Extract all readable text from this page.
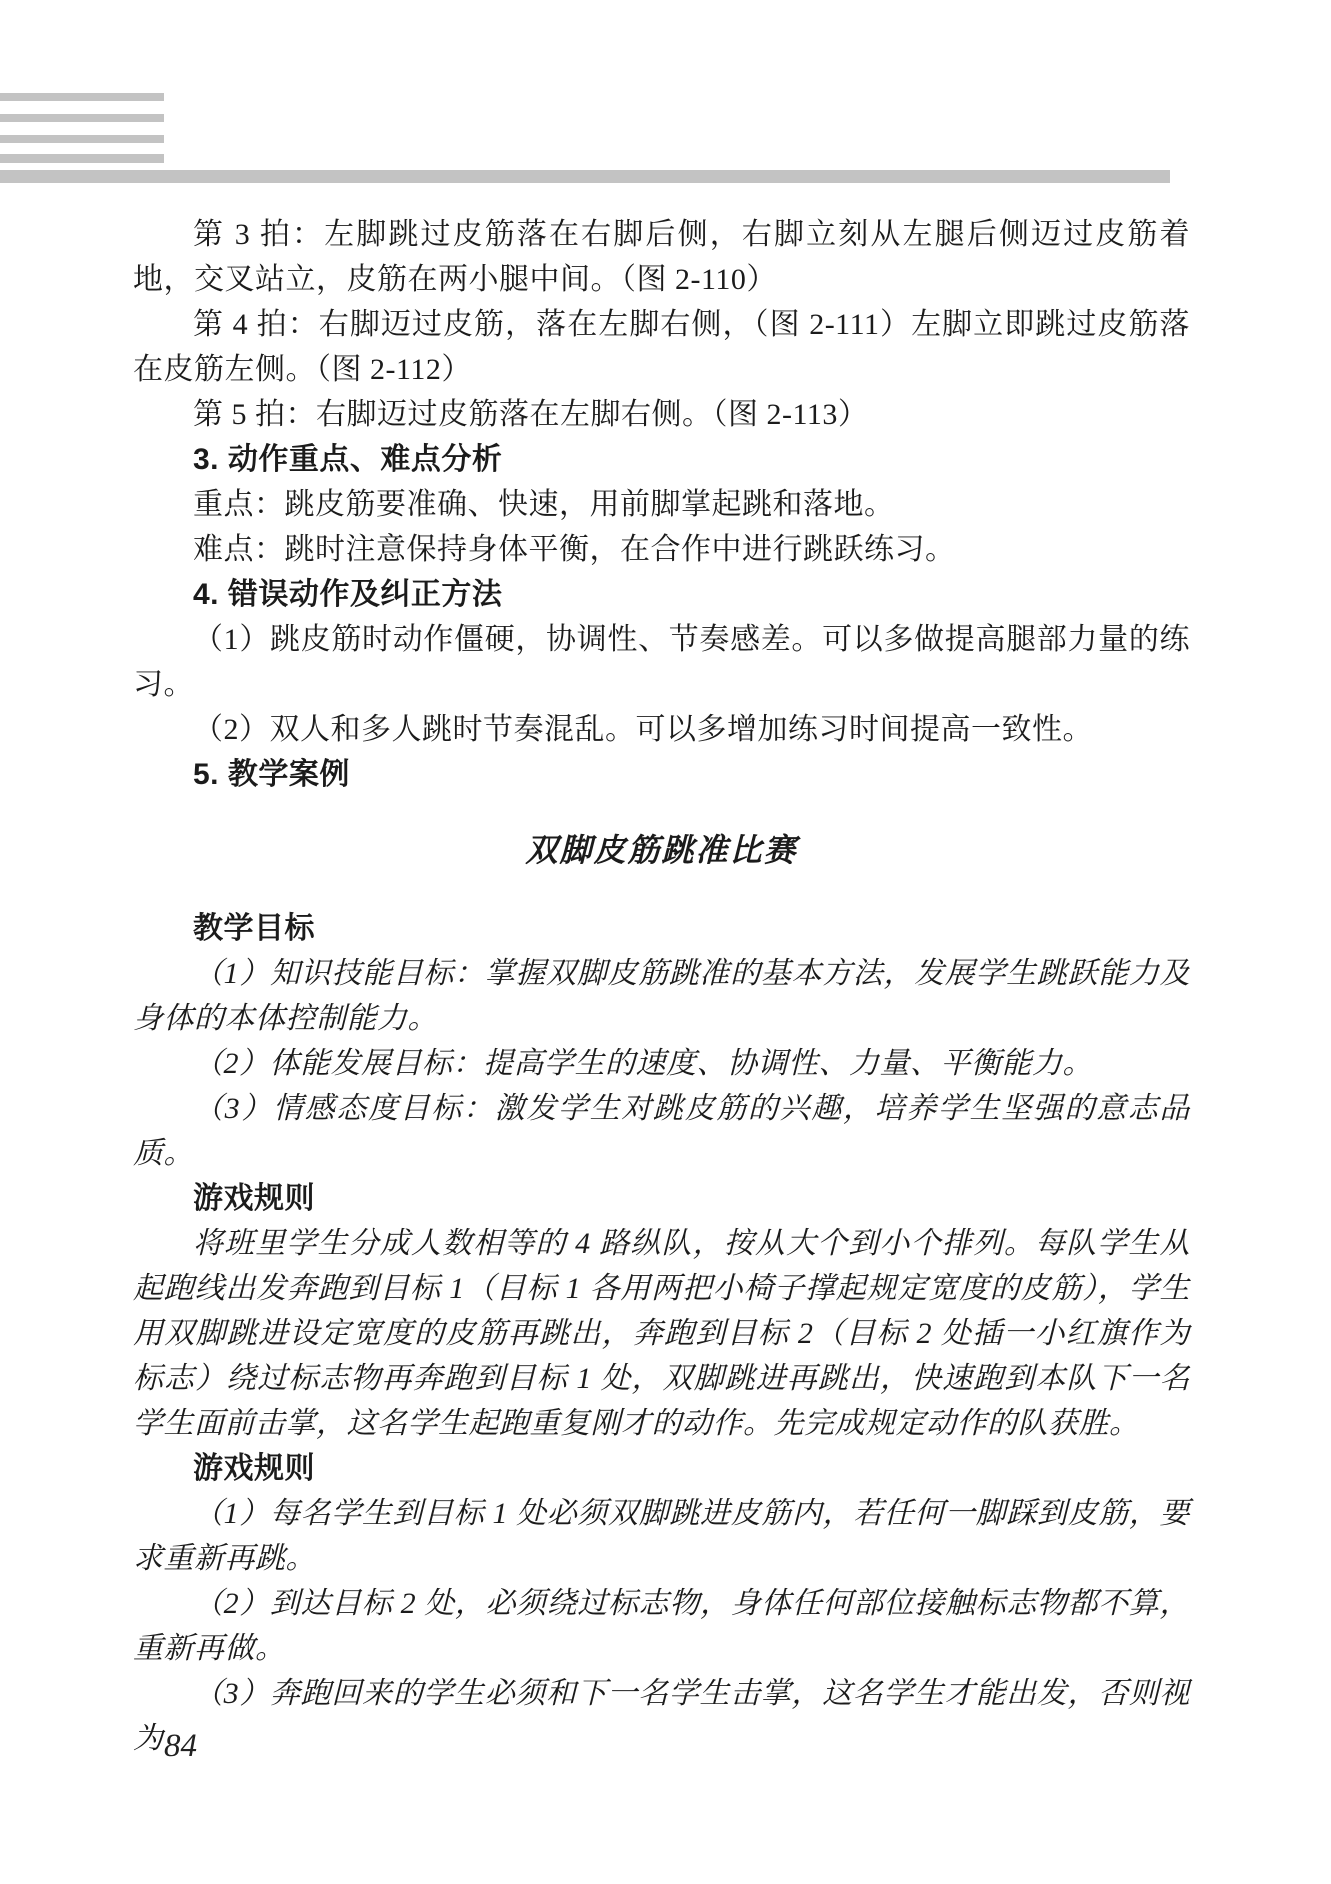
第 3 拍：左脚跳过皮筋落在右脚后侧，右脚立刻从左腿后侧迈过皮筋着地，交叉站立，皮筋在两小腿中间。（图 2-110）

第 4 拍：右脚迈过皮筋，落在左脚右侧，（图 2-111）左脚立即跳过皮筋落在皮筋左侧。（图 2-112）

第 5 拍：右脚迈过皮筋落在左脚右侧。（图 2-113）

3. 动作重点、难点分析

重点：跳皮筋要准确、快速，用前脚掌起跳和落地。

难点：跳时注意保持身体平衡，在合作中进行跳跃练习。

4. 错误动作及纠正方法

（1）跳皮筋时动作僵硬，协调性、节奏感差。可以多做提高腿部力量的练习。

（2）双人和多人跳时节奏混乱。可以多增加练习时间提高一致性。

5. 教学案例

双脚皮筋跳准比赛

教学目标

（1）知识技能目标：掌握双脚皮筋跳准的基本方法，发展学生跳跃能力及身体的本体控制能力。

（2）体能发展目标：提高学生的速度、协调性、力量、平衡能力。

（3）情感态度目标：激发学生对跳皮筋的兴趣，培养学生坚强的意志品质。

游戏规则

将班里学生分成人数相等的 4 路纵队，按从大个到小个排列。每队学生从起跑线出发奔跑到目标 1（目标 1 各用两把小椅子撑起规定宽度的皮筋），学生用双脚跳进设定宽度的皮筋再跳出，奔跑到目标 2（目标 2 处插一小红旗作为标志）绕过标志物再奔跑到目标 1 处，双脚跳进再跳出，快速跑到本队下一名学生面前击掌，这名学生起跑重复刚才的动作。先完成规定动作的队获胜。

游戏规则

（1）每名学生到目标 1 处必须双脚跳进皮筋内，若任何一脚踩到皮筋，要求重新再跳。

（2）到达目标 2 处，必须绕过标志物，身体任何部位接触标志物都不算，重新再做。

（3）奔跑回来的学生必须和下一名学生击掌，这名学生才能出发，否则视为 84
